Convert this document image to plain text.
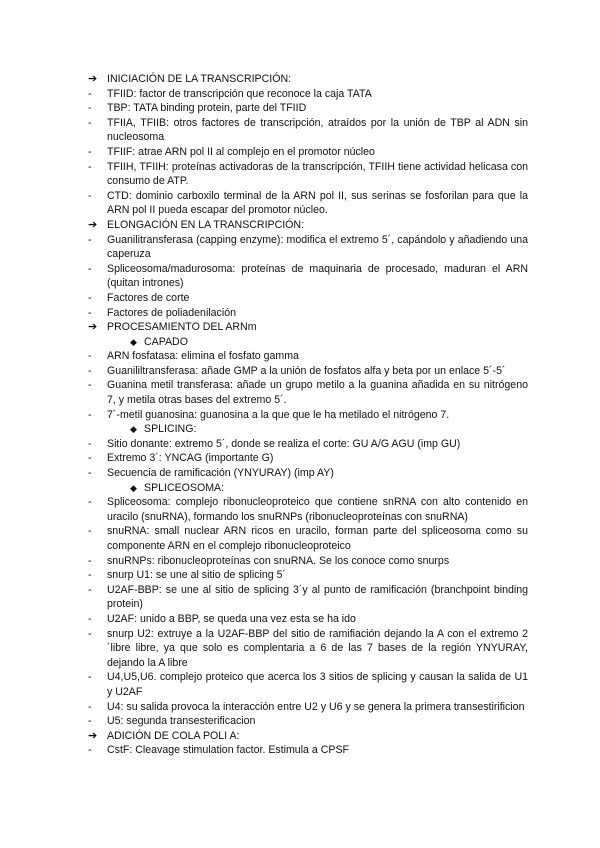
➔ INICIACIÓN DE LA TRANSCRIPCIÓN:
- TFIID: factor de transcripción que reconoce la caja TATA
- TBP: TATA binding protein, parte del TFIID
- TFIIA, TFIIB: otros factores de transcripción, atraídos por la unión de TBP al ADN sin nucleosoma
- TFIIF: atrae ARN pol II al complejo en el promotor núcleo
- TFIIH, TFIIH: proteínas activadoras de la transcripción, TFIIH tiene actividad helicasa con consumo de ATP.
- CTD: dominio carboxilo terminal de la ARN pol II, sus serinas se fosforilan para que la ARN pol II pueda escapar del promotor núcleo.
➔ ELONGACIÓN EN LA TRANSCRIPCIÓN:
- Guanilitransferasa (capping enzyme): modifica el extremo 5´, capándolo y añadiendo una caperuza
- Spliceosoma/madurosoma: proteínas de maquinaria de procesado, maduran el ARN (quitan intrones)
- Factores de corte
- Factores de poliadenilación
➔ PROCESAMIENTO DEL ARNm
◆ CAPADO
- ARN fosfatasa: elimina el fosfato gamma
- Guanililtransferasa: añade GMP a la unión de fosfatos alfa y beta por un enlace 5´-5´
- Guanina metil transferasa: añade un grupo metilo a la guanina añadida en su nitrógeno 7, y metila otras bases del extremo 5´.
- 7´-metil guanosina: guanosina a la que que le ha metilado el nitrógeno 7.
◆ SPLICING:
- Sitio donante: extremo 5´, donde se realiza el corte: GU A/G AGU (imp GU)
- Extremo 3´: YNCAG (importante G)
- Secuencia de ramificación (YNYURAY) (imp AY)
◆ SPLICEOSOMA:
- Spliceosoma: complejo ribonucleoproteico que contiene snRNA con alto contenido en uracilo (snuRNA), formando los snuRNPs (ribonucleoproteínas con snuRNA)
- snuRNA: small nuclear ARN ricos en uracilo, forman parte del spliceosoma como su componente ARN en el complejo ribonucleoproteico
- snuRNPs: ribonucleoproteínas con snuRNA. Se los conoce como snurps
- snurp U1: se une al sitio de splicing 5´
- U2AF-BBP: se une al sitio de splicing 3´y al punto de ramificación (branchpoint binding protein)
- U2AF: unido a BBP, se queda una vez esta se ha ido
- snurp U2: extruye a la U2AF-BBP del sitio de ramifiación dejando la A con el extremo 2´libre libre, ya que solo es complentaria a 6 de las 7 bases de la región YNYURAY, dejando la A libre
- U4,U5,U6. complejo proteico que acerca los 3 sitios de splicing y causan la salida de U1 y U2AF
- U4: su salida provoca la interacción entre U2 y U6 y se genera la primera transestirificion
- U5: segunda transesterificacion
➔ ADICIÓN DE COLA POLI A:
- CstF: Cleavage stimulation factor. Estimula a CPSF
